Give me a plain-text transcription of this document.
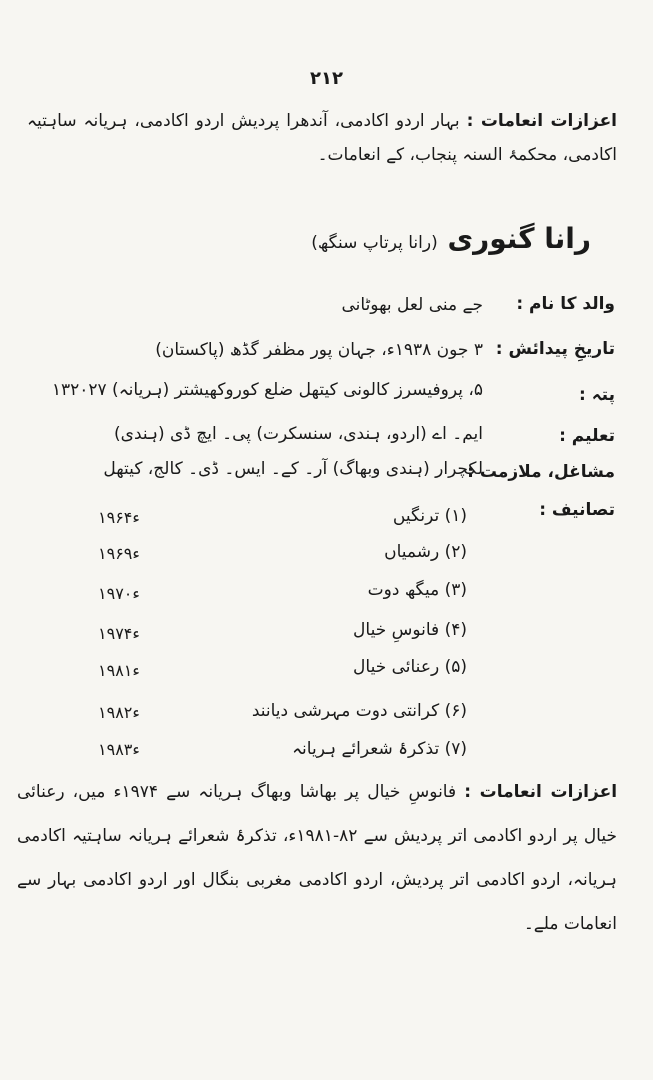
۲۱۲
اعزازات انعامات : بہار اردو اکادمی، آندھرا پردیش اردو اکادمی، ہریانہ ساہتیہ اکادمی، محکمۂ السنہ پنجاب، کے انعامات۔
رانا گنوری (رانا پرتاپ سنگھ)
والد کا نام :
جے منی لعل بھوٹانی
تاریخِ پیدائش :
۳ جون ۱۹۳۸ء، جہان پور مظفر گڈھ (پاکستان)
پتہ :
۵، پروفیسرز کالونی کیتھل ضلع کوروکھیشتر (ہریانہ) ۱۳۲۰۲۷
تعلیم :
ایم۔ اے (اردو، ہندی، سنسکرت) پی۔ ایچ ڈی (ہندی)
مشاغل، ملازمت :
لکچرار (ہندی وبھاگ) آر۔ کے۔ ایس۔ ڈی۔ کالج، کیتھل
تصانیف :
(۱) ترنگیں
۱۹۶۴ء
(۲) رشمیاں
۱۹۶۹ء
(۳) میگھ دوت
۱۹۷۰ء
(۴) فانوسِ خیال
۱۹۷۴ء
(۵) رعنائی خیال
۱۹۸۱ء
(۶) کرانتی دوت مہرشی دیانند
۱۹۸۲ء
(۷) تذکرۂ شعرائے ہریانہ
۱۹۸۳ء
اعزازات انعامات : فانوسِ خیال پر بھاشا وبھاگ ہریانہ سے ۱۹۷۴ء میں، رعنائی خیال پر اردو اکادمی اتر پردیش سے ۸۲-۱۹۸۱ء، تذکرۂ شعرائے ہریانہ ساہتیہ اکادمی ہریانہ، اردو اکادمی اتر پردیش، اردو اکادمی مغربی بنگال اور اردو اکادمی بہار سے انعامات ملے۔
